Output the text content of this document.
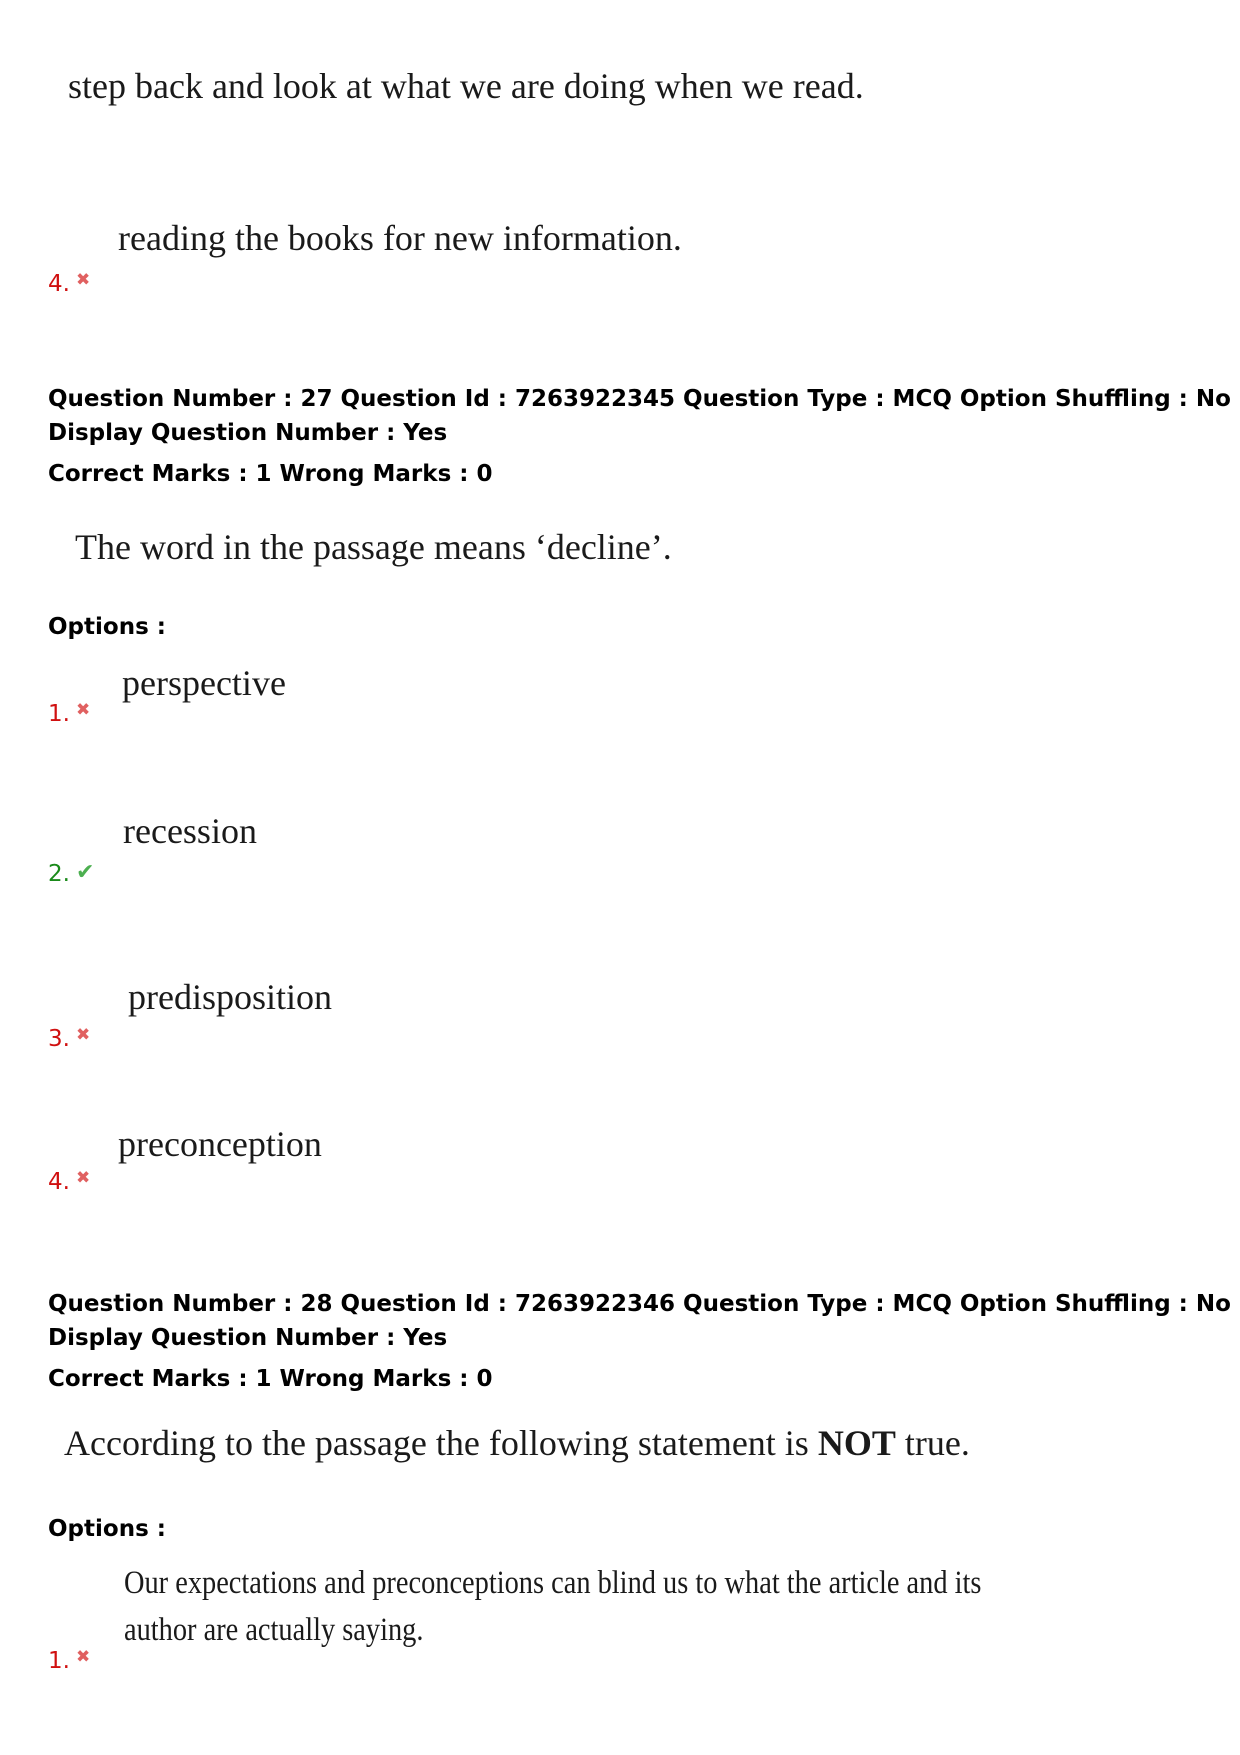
step back and look at what we are doing when we read.
reading the books for new information.
4. ✖
Question Number : 27 Question Id : 7263922345 Question Type : MCQ Option Shuffling : No
Display Question Number : Yes
Correct Marks : 1 Wrong Marks : 0
The word in the passage means ‘decline’.
Options :
perspective
1. ✖
recession
2. ✔
predisposition
3. ✖
preconception
4. ✖
Question Number : 28 Question Id : 7263922346 Question Type : MCQ Option Shuffling : No
Display Question Number : Yes
Correct Marks : 1 Wrong Marks : 0
According to the passage the following statement is NOT true.
Options :
Our expectations and preconceptions can blind us to what the article and its
author are actually saying.
1. ✖
